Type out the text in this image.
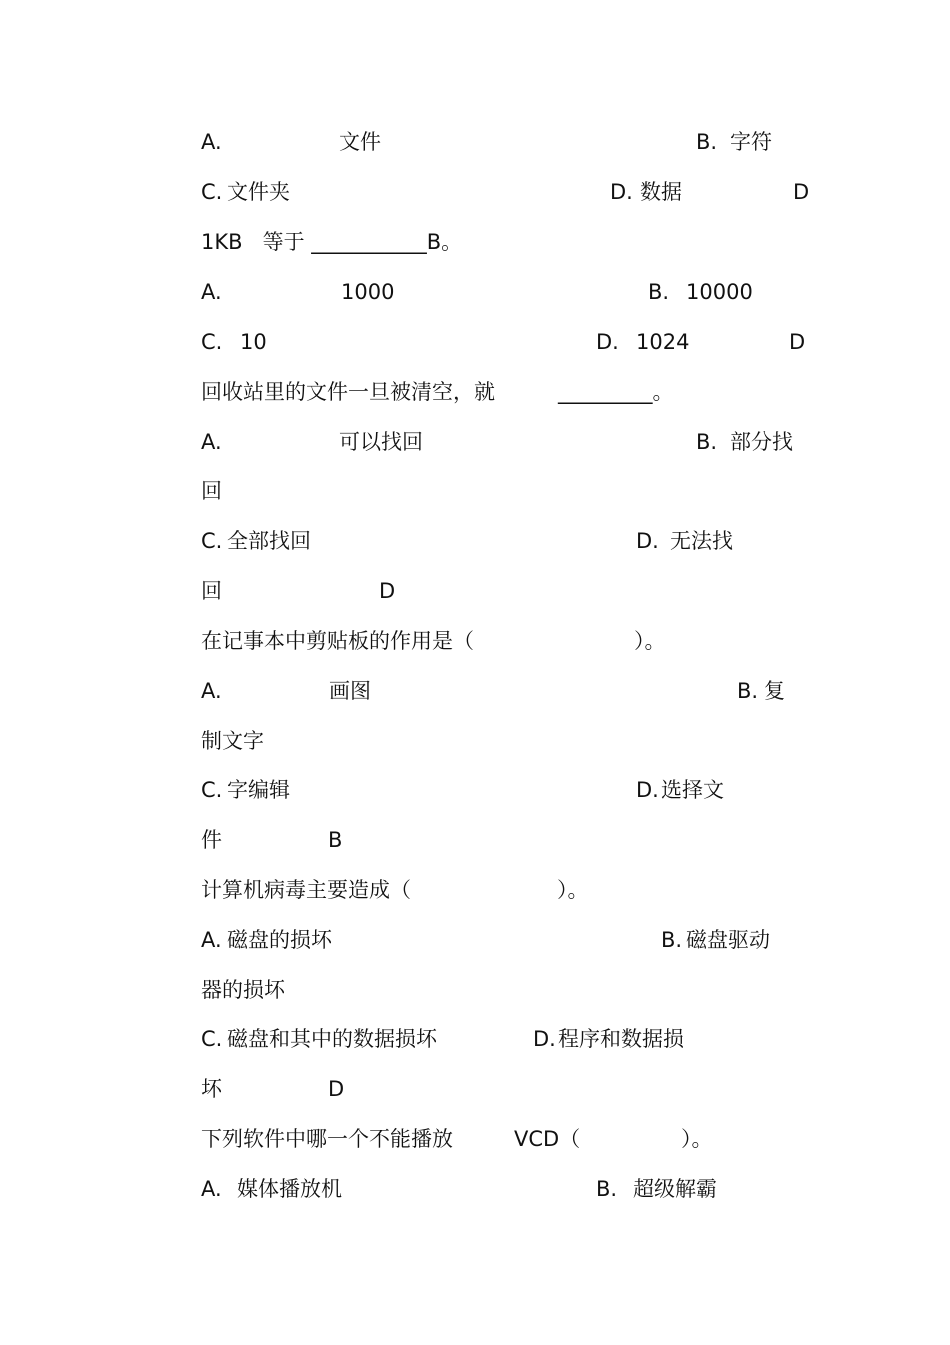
A.	文件	B. 字符
C. 文件夹	D. 数据	D
1KB   等于 ___________B。
A.	1000	B. 10000
C. 10	D. 1024	D
回收站里的文件一旦被清空，就	_________。
A.	可以找回	B. 部分找
回
C. 全部找回	D. 无法找
回	D
在记事本中剪贴板的作用是（	）。
A.	画图	B. 复
制文字
C. 字编辑	D. 选择文
件	B
计算机病毒主要造成（	）。
A. 磁盘的损坏	B. 磁盘驱动
器的损坏
C. 磁盘和其中的数据损坏	D. 程序和数据损
坏	D
下列软件中哪一个不能播放	VCD（	）。
A. 媒体播放机	B. 超级解霸
